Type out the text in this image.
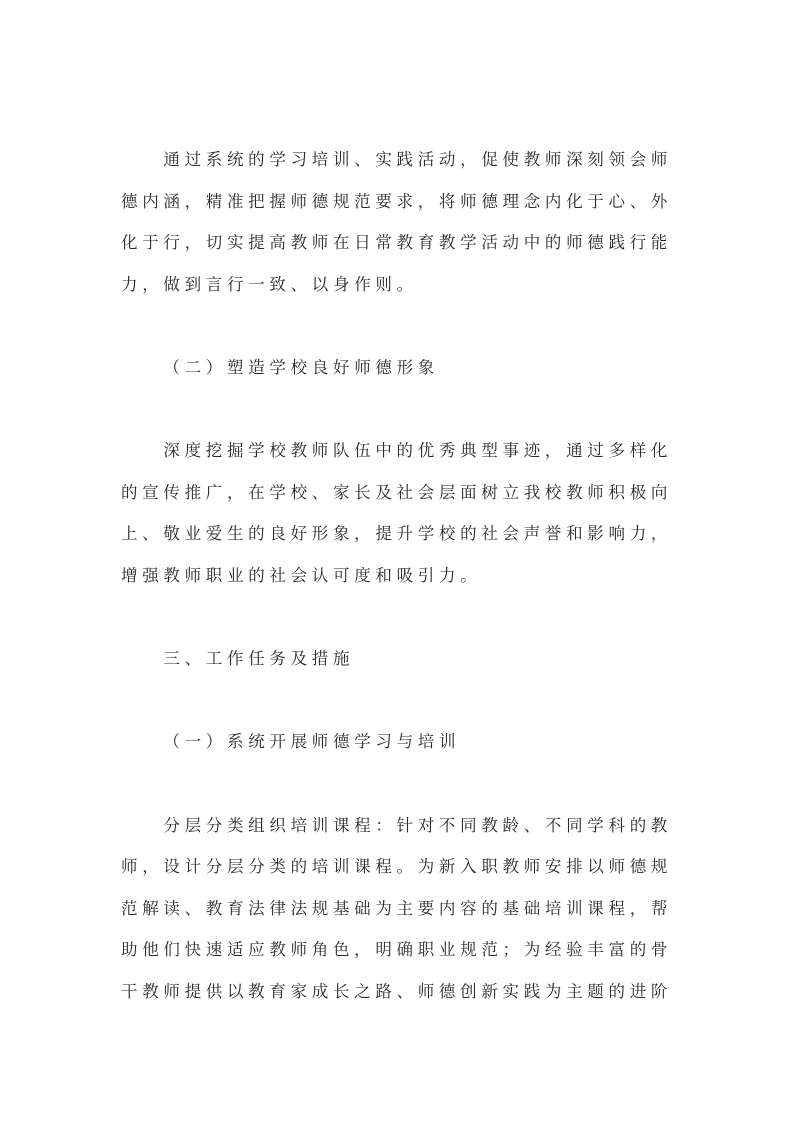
通过系统的学习培训、实践活动，促使教师深刻领会师
德内涵，精准把握师德规范要求，将师德理念内化于心、外
化于行，切实提高教师在日常教育教学活动中的师德践行能
力，做到言行一致、以身作则。
（二）塑造学校良好师德形象
深度挖掘学校教师队伍中的优秀典型事迹，通过多样化
的宣传推广，在学校、家长及社会层面树立我校教师积极向
上、敬业爱生的良好形象，提升学校的社会声誉和影响力，
增强教师职业的社会认可度和吸引力。
三、工作任务及措施
（一）系统开展师德学习与培训
分层分类组织培训课程：针对不同教龄、不同学科的教
师，设计分层分类的培训课程。为新入职教师安排以师德规
范解读、教育法律法规基础为主要内容的基础培训课程，帮
助他们快速适应教师角色，明确职业规范；为经验丰富的骨
干教师提供以教育家成长之路、师德创新实践为主题的进阶
